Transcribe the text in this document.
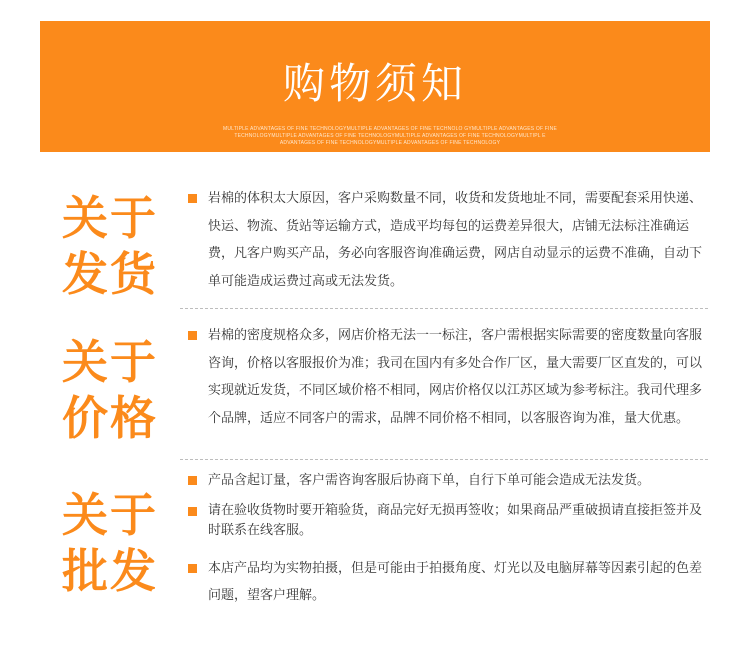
购物须知
MULTIPLE ADVANTAGES OF FINE TECHNOLOGYMULTIPLE ADVANTAGES OF FINE TECHNOLO GYMULTIPLE ADVANTAGES OF FINE TECHNOLOGYMULTIPLE ADVANTAGES OF FINE TECHNOLOGYMULTIPLE ADVANTAGES OF FINE TECHNOLOGYMULTIPL E ADVANTAGES OF FINE TECHNOLOGYMULTIPLE ADVANTAGES OF FINE TECHNOLOGY
关于
发货
岩棉的体积太大原因，客户采购数量不同，收货和发货地址不同，需要配套采用快递、快运、物流、货站等运输方式，造成平均每包的运费差异很大，店铺无法标注准确运费，凡客户购买产品，务必向客服咨询准确运费，网店自动显示的运费不准确，自动下单可能造成运费过高或无法发货。
关于
价格
岩棉的密度规格众多，网店价格无法一一标注，客户需根据实际需要的密度数量向客服咨询，价格以客服报价为准；我司在国内有多处合作厂区，量大需要厂区直发的，可以实现就近发货，不同区域价格不相同，网店价格仅以江苏区域为参考标注。我司代理多个品牌，适应不同客户的需求，品牌不同价格不相同，以客服咨询为准，量大优惠。
关于
批发
产品含起订量，客户需咨询客服后协商下单，自行下单可能会造成无法发货。
请在验收货物时要开箱验货，商品完好无损再签收；如果商品严重破损请直接拒签并及时联系在线客服。
本店产品均为实物拍摄，但是可能由于拍摄角度、灯光以及电脑屏幕等因素引起的色差问题，望客户理解。
